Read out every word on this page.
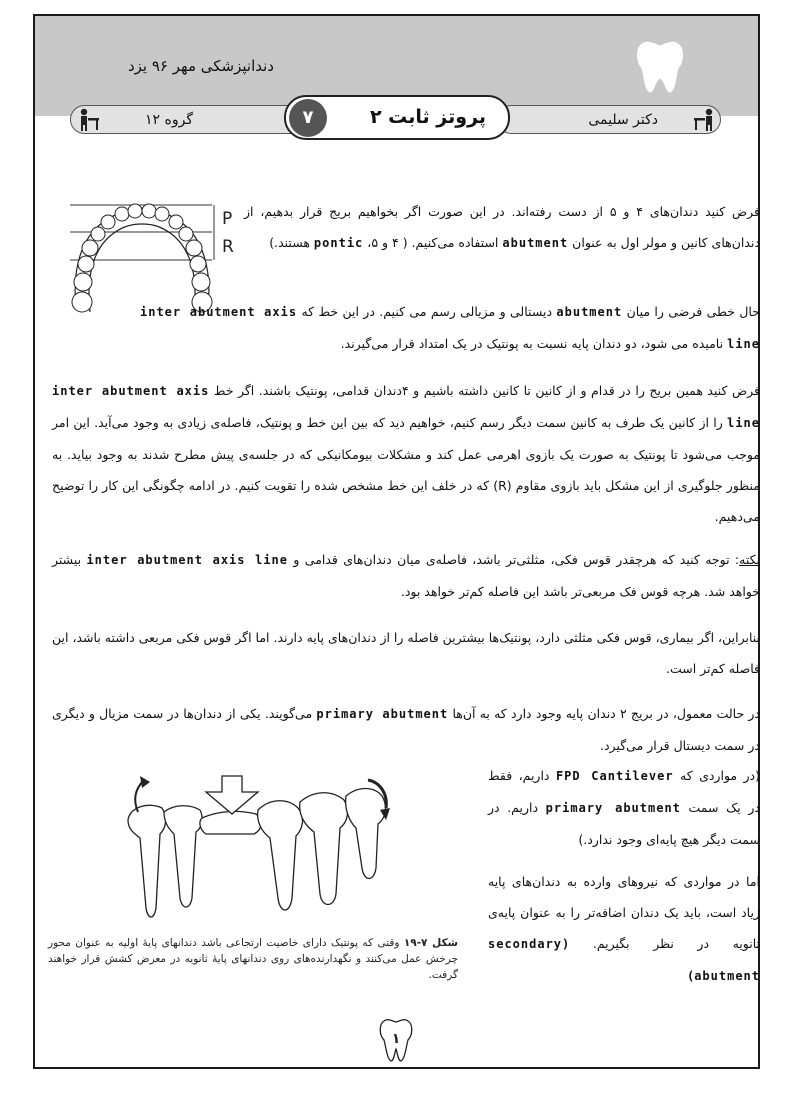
دندانپزشکی مهر ۹۶ یزد
گروه ۱۲	دکتر سلیمی
پروتز ثابت ۲
۷
P
R

فرض کنید دندان‌های ۴ و ۵ از دست رفته‌اند. در این صورت اگر بخواهیم بریج قرار بدهیم، از دندان‌های کانین و مولر اول به عنوان abutment استفاده می‌کنیم. ( ۴ و ۵، pontic هستند.)

حال خطی فرضی را میان abutment دیستالی و مزیالی رسم می کنیم. در این خط که inter abutment axis line نامیده می شود، دو دندان پایه نسبت به پونتیک در یک امتداد قرار می‌گیرند.

فرض کنید همین بریج را در قدام و از کانین تا کانین داشته باشیم و ۴دندان قدامی، پونتیک باشند. اگر خط inter abutment axis line را از کانین یک طرف به کانین سمت دیگر رسم کنیم، خواهیم دید که بین این خط و پونتیک، فاصله‌ی زیادی به وجود می‌آید. این امر موجب می‌شود تا پونتیک به صورت یک بازوی اهرمی عمل کند و مشکلات بیومکانیکی که در جلسه‌ی پیش مطرح شدند به وجود بیاید. به منظور جلوگیری از این مشکل باید بازوی مقاوم (R) که در خلف این خط مشخص شده را تقویت کنیم. در ادامه چگونگی این کار را توضیح می‌دهیم.

نکته: توجه کنید که هرچقدر قوس فکی، مثلثی‌تر باشد، فاصله‌ی میان دندان‌های قدامی و inter abutment axis line بیشتر خواهد شد. هرچه قوس فک مربعی‌تر باشد این فاصله کم‌تر خواهد بود.

بنابراین، اگر بیماری، قوس فکی مثلثی دارد، پونتیک‌ها بیشترین فاصله را از دندان‌های پایه دارند. اما اگر قوس فکی مربعی داشته باشد، این فاصله کم‌تر است.

در حالت معمول، در بریج ۲ دندان پایه وجود دارد که به آن‌ها primary abutment می‌گویند. یکی از دندان‌ها در سمت مزیال و دیگری در سمت دیستال قرار می‌گیرد.

(در مواردی که FPD Cantilever داریم، فقط در یک سمت primary abutment داریم. در سمت دیگر هیچ پایه‌ای وجود ندارد.)

اما در مواردی که نیروهای وارده به دندان‌های پایه زیاد است، باید یک دندان اضافه‌تر را به عنوان پایه‌ی ثانویه در نظر بگیریم. (secondary abutment)

شکل ۷-۱۹ وقتی که پونتیک دارای خاصیت ارتجاعی باشد دندانهای پایهٔ اولیه به عنوان محور چرخش عمل می‌کنند و نگهدارنده‌های روی دندانهای پایهٔ ثانویه در معرض کشش قرار خواهند گرفت.
۱
